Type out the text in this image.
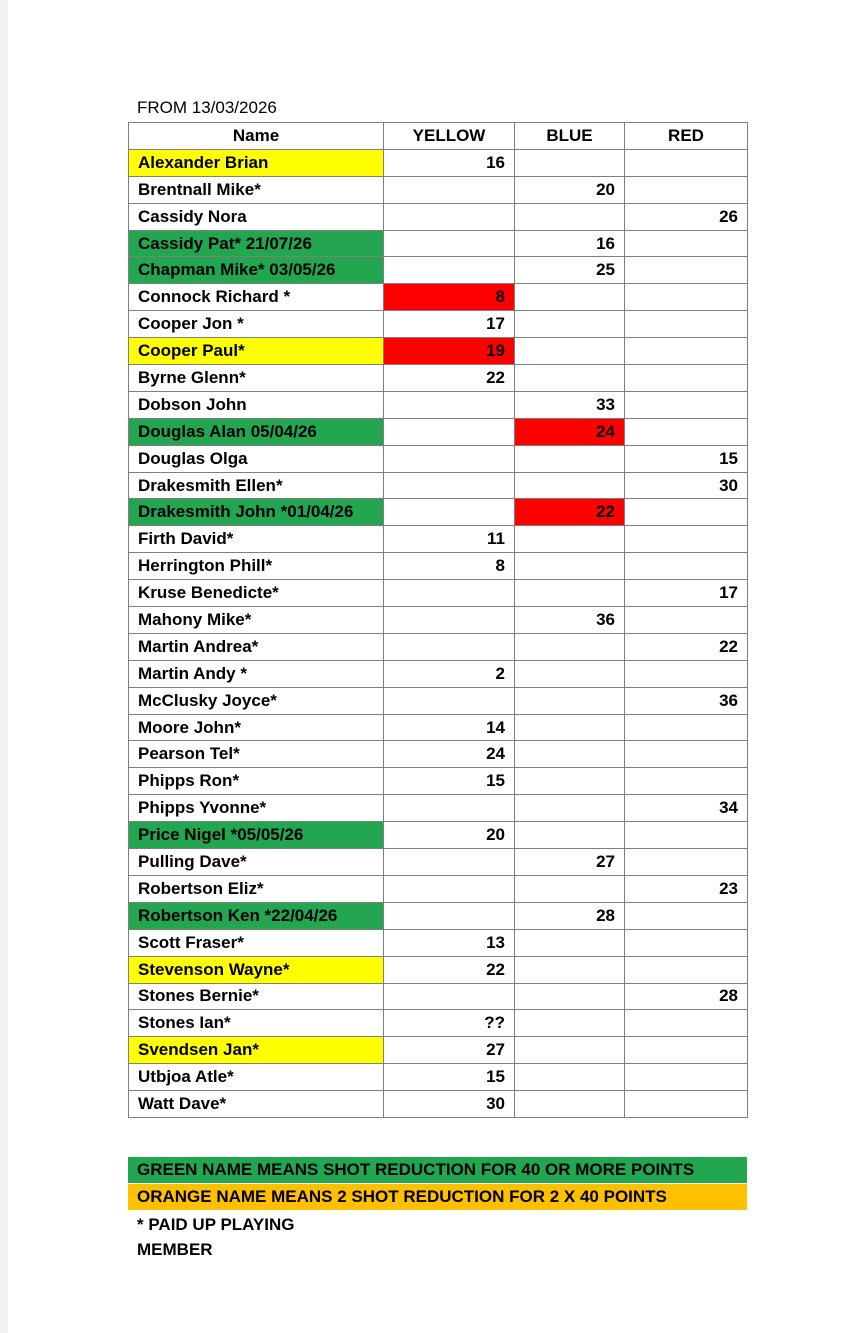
FROM 13/03/2026
Name	YELLOW	BLUE	RED
Alexander Brian	16		
Brentnall Mike*		20	
Cassidy Nora			26
Cassidy Pat* 21/07/26		16	
Chapman Mike* 03/05/26		25	
Connock Richard *	8		
Cooper Jon *	17		
Cooper Paul*	19		
Byrne Glenn*	22		
Dobson John		33	
Douglas Alan 05/04/26		24	
Douglas Olga			15
Drakesmith Ellen*			30
Drakesmith John *01/04/26		22	
Firth David*	11		
Herrington Phill*	8		
Kruse Benedicte*			17
Mahony Mike*		36	
Martin Andrea*			22
Martin Andy *	2		
McClusky Joyce*			36
Moore John*	14		
Pearson Tel*	24		
Phipps Ron*	15		
Phipps Yvonne*			34
Price Nigel *05/05/26	20		
Pulling Dave*		27	
Robertson Eliz*			23
Robertson Ken *22/04/26		28	
Scott Fraser*	13		
Stevenson Wayne*	22		
Stones Bernie*			28
Stones Ian*	??		
Svendsen Jan*	27		
Utbjoa Atle*	15		
Watt Dave*	30		
GREEN NAME MEANS SHOT REDUCTION FOR 40 OR MORE POINTS
ORANGE NAME MEANS 2 SHOT REDUCTION FOR 2 X 40 POINTS
* PAID UP PLAYING
MEMBER
